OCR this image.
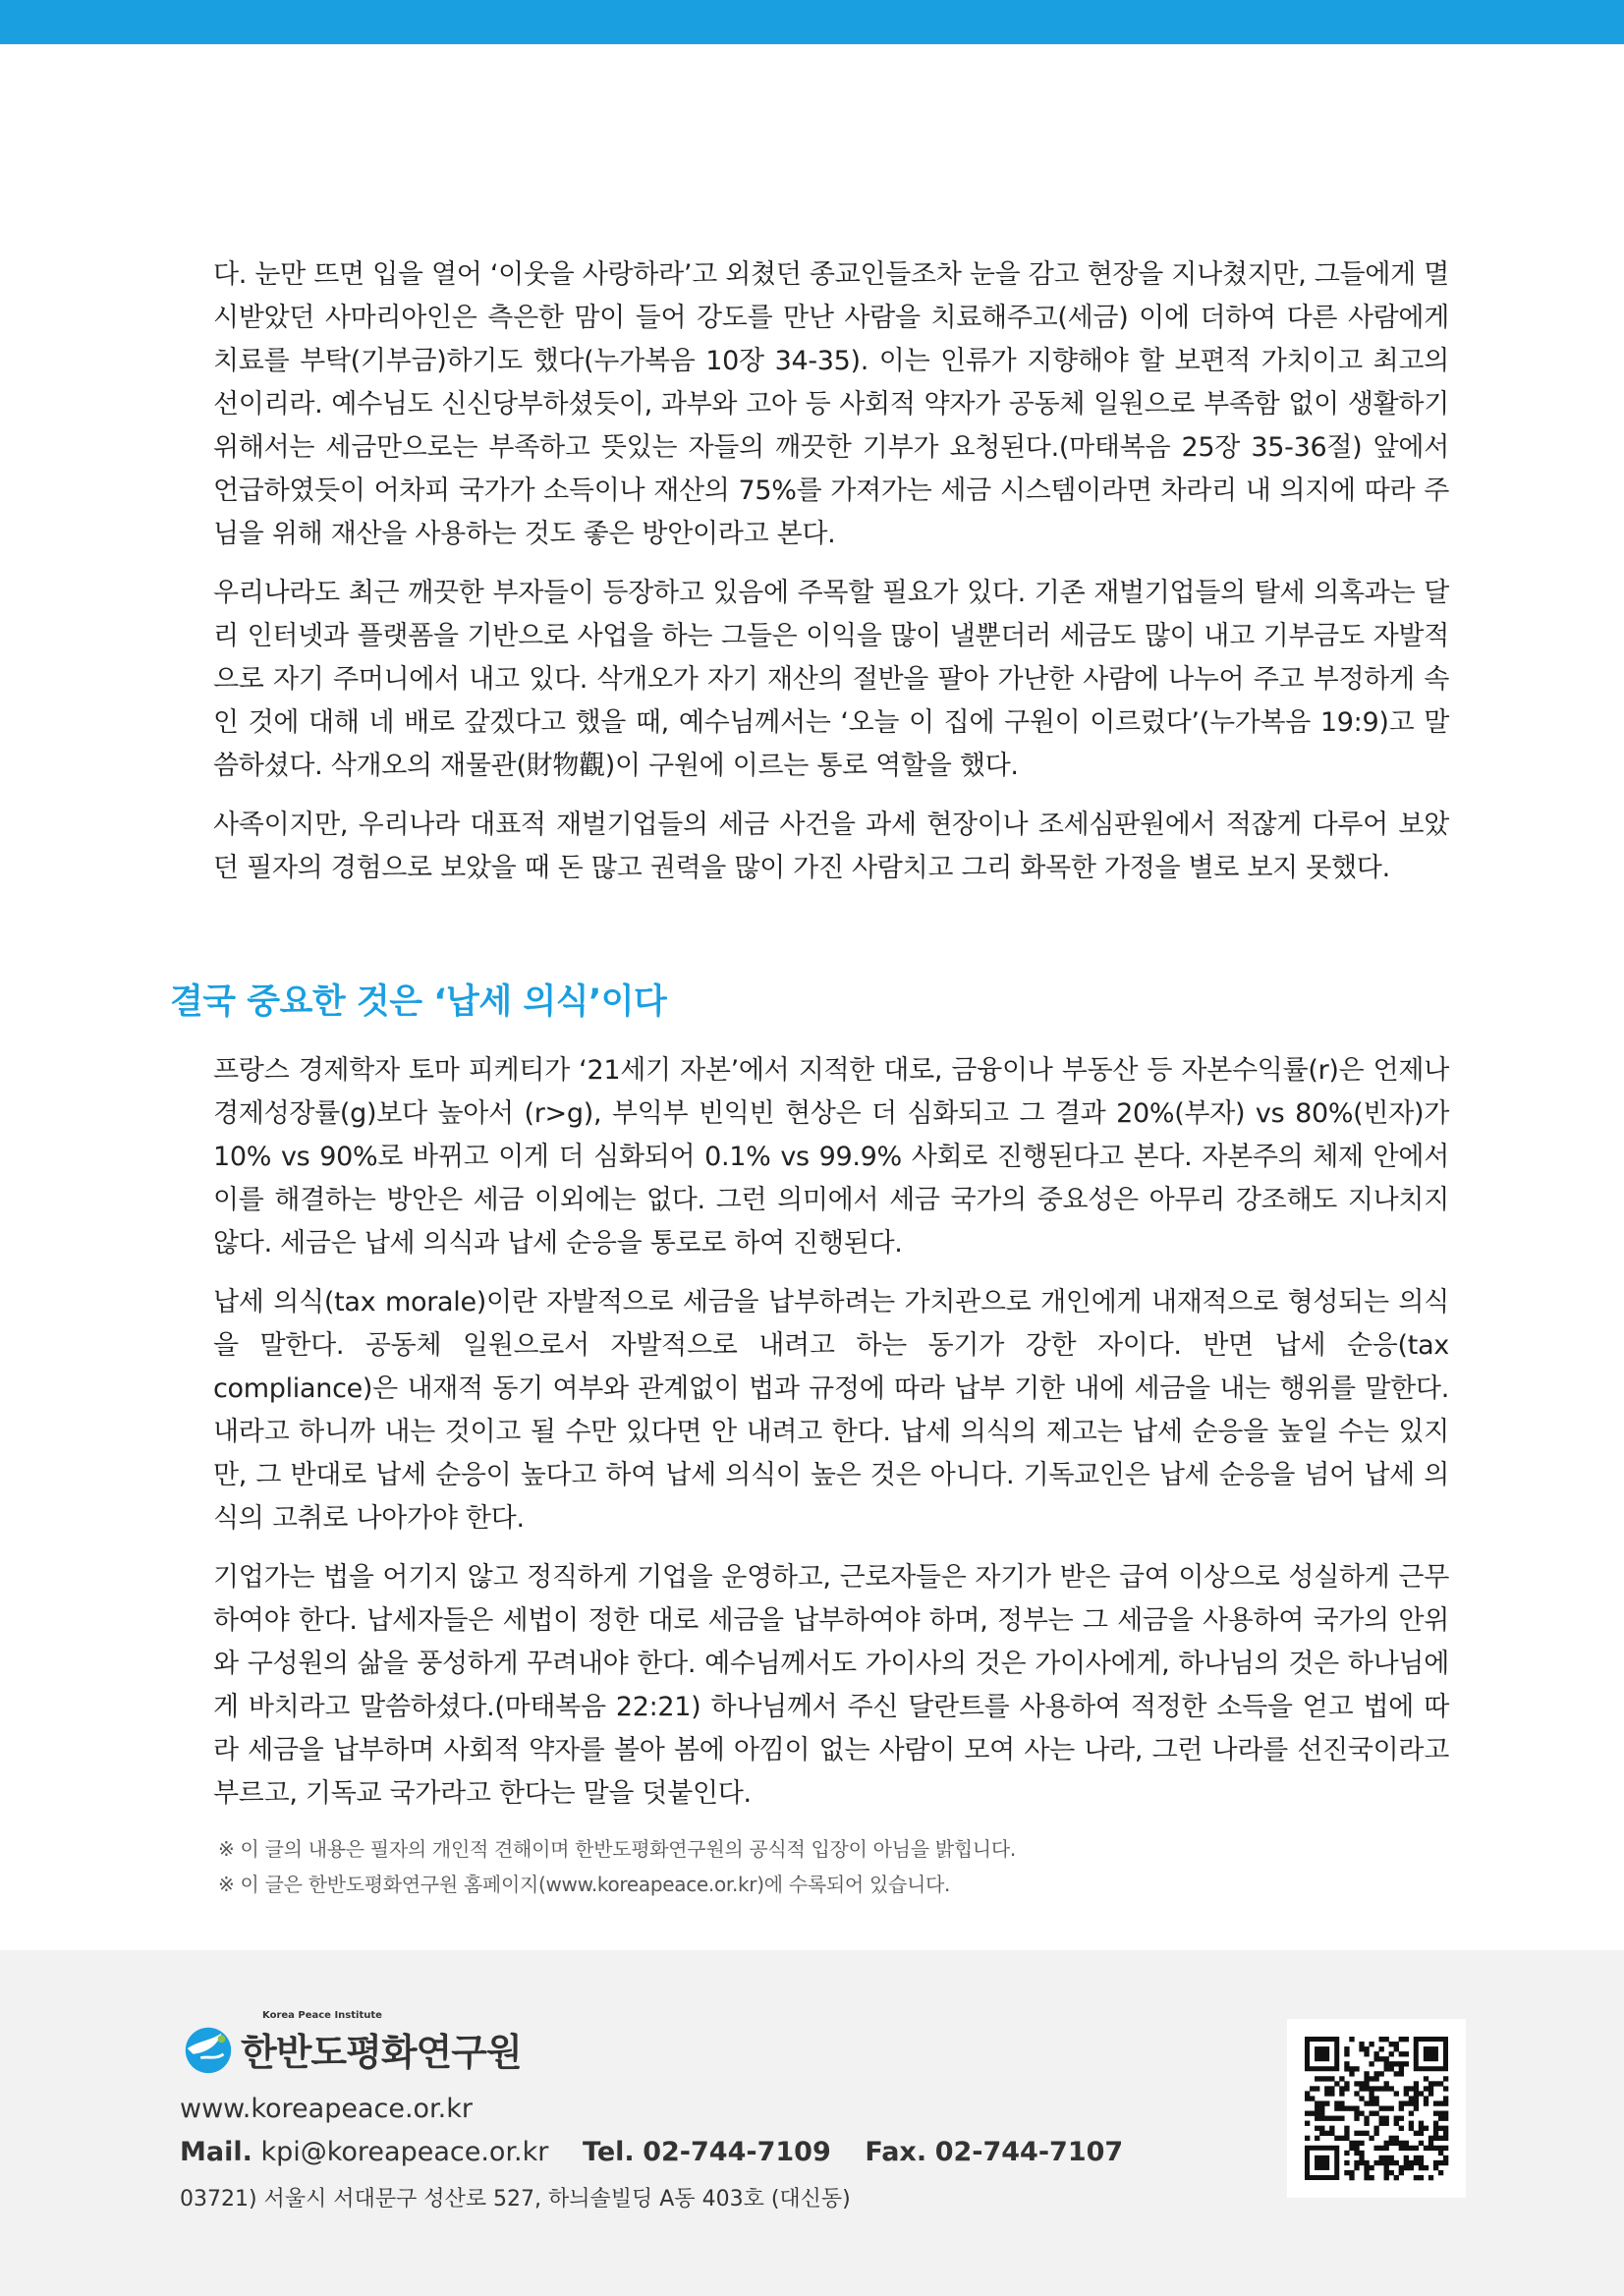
다. 눈만 뜨면 입을 열어 ‘이웃을 사랑하라’고 외쳤던 종교인들조차 눈을 감고 현장을 지나쳤지만, 그들에게 멸시받았던 사마리아인은 측은한 맘이 들어 강도를 만난 사람을 치료해주고(세금) 이에 더하여 다른 사람에게 치료를 부탁(기부금)하기도 했다(누가복음 10장 34-35). 이는 인류가 지향해야 할 보편적 가치이고 최고의 선이리라. 예수님도 신신당부하셨듯이, 과부와 고아 등 사회적 약자가 공동체 일원으로 부족함 없이 생활하기 위해서는 세금만으로는 부족하고 뜻있는 자들의 깨끗한 기부가 요청된다.(마태복음 25장 35-36절) 앞에서 언급하였듯이 어차피 국가가 소득이나 재산의 75%를 가져가는 세금 시스템이라면 차라리 내 의지에 따라 주님을 위해 재산을 사용하는 것도 좋은 방안이라고 본다.

우리나라도 최근 깨끗한 부자들이 등장하고 있음에 주목할 필요가 있다. 기존 재벌기업들의 탈세 의혹과는 달리 인터넷과 플랫폼을 기반으로 사업을 하는 그들은 이익을 많이 낼뿐더러 세금도 많이 내고 기부금도 자발적으로 자기 주머니에서 내고 있다. 삭개오가 자기 재산의 절반을 팔아 가난한 사람에 나누어 주고 부정하게 속인 것에 대해 네 배로 갚겠다고 했을 때, 예수님께서는 ‘오늘 이 집에 구원이 이르렀다’(누가복음 19:9)고 말씀하셨다. 삭개오의 재물관(財物觀)이 구원에 이르는 통로 역할을 했다.

사족이지만, 우리나라 대표적 재벌기업들의 세금 사건을 과세 현장이나 조세심판원에서 적잖게 다루어 보았던 필자의 경험으로 보았을 때 돈 많고 권력을 많이 가진 사람치고 그리 화목한 가정을 별로 보지 못했다.

결국 중요한 것은 ‘납세 의식’이다

프랑스 경제학자 토마 피케티가 ‘21세기 자본’에서 지적한 대로, 금융이나 부동산 등 자본수익률(r)은 언제나 경제성장률(g)보다 높아서 (r>g), 부익부 빈익빈 현상은 더 심화되고 그 결과 20%(부자) vs 80%(빈자)가 10% vs 90%로 바뀌고 이게 더 심화되어 0.1% vs 99.9% 사회로 진행된다고 본다. 자본주의 체제 안에서 이를 해결하는 방안은 세금 이외에는 없다. 그런 의미에서 세금 국가의 중요성은 아무리 강조해도 지나치지 않다. 세금은 납세 의식과 납세 순응을 통로로 하여 진행된다.

납세 의식(tax morale)이란 자발적으로 세금을 납부하려는 가치관으로 개인에게 내재적으로 형성되는 의식을 말한다. 공동체 일원으로서 자발적으로 내려고 하는 동기가 강한 자이다. 반면 납세 순응(tax compliance)은 내재적 동기 여부와 관계없이 법과 규정에 따라 납부 기한 내에 세금을 내는 행위를 말한다. 내라고 하니까 내는 것이고 될 수만 있다면 안 내려고 한다. 납세 의식의 제고는 납세 순응을 높일 수는 있지만, 그 반대로 납세 순응이 높다고 하여 납세 의식이 높은 것은 아니다. 기독교인은 납세 순응을 넘어 납세 의식의 고취로 나아가야 한다.

기업가는 법을 어기지 않고 정직하게 기업을 운영하고, 근로자들은 자기가 받은 급여 이상으로 성실하게 근무하여야 한다. 납세자들은 세법이 정한 대로 세금을 납부하여야 하며, 정부는 그 세금을 사용하여 국가의 안위와 구성원의 삶을 풍성하게 꾸려내야 한다. 예수님께서도 가이사의 것은 가이사에게, 하나님의 것은 하나님에게 바치라고 말씀하셨다.(마태복음 22:21) 하나님께서 주신 달란트를 사용하여 적정한 소득을 얻고 법에 따라 세금을 납부하며 사회적 약자를 볼아 봄에 아낌이 없는 사람이 모여 사는 나라, 그런 나라를 선진국이라고 부르고, 기독교 국가라고 한다는 말을 덧붙인다.

※ 이 글의 내용은 필자의 개인적 견해이며 한반도평화연구원의 공식적 입장이 아님을 밝힙니다.

※ 이 글은 한반도평화연구원 홈페이지(www.koreapeace.or.kr)에 수록되어 있습니다.

Korea Peace Institute
한반도평화연구원
www.koreapeace.or.kr
Mail. kpi@koreapeace.or.kr Tel. 02-744-7109 Fax. 02-744-7107
03721) 서울시 서대문구 성산로 527, 하늬솔빌딩 A동 403호 (대신동)
